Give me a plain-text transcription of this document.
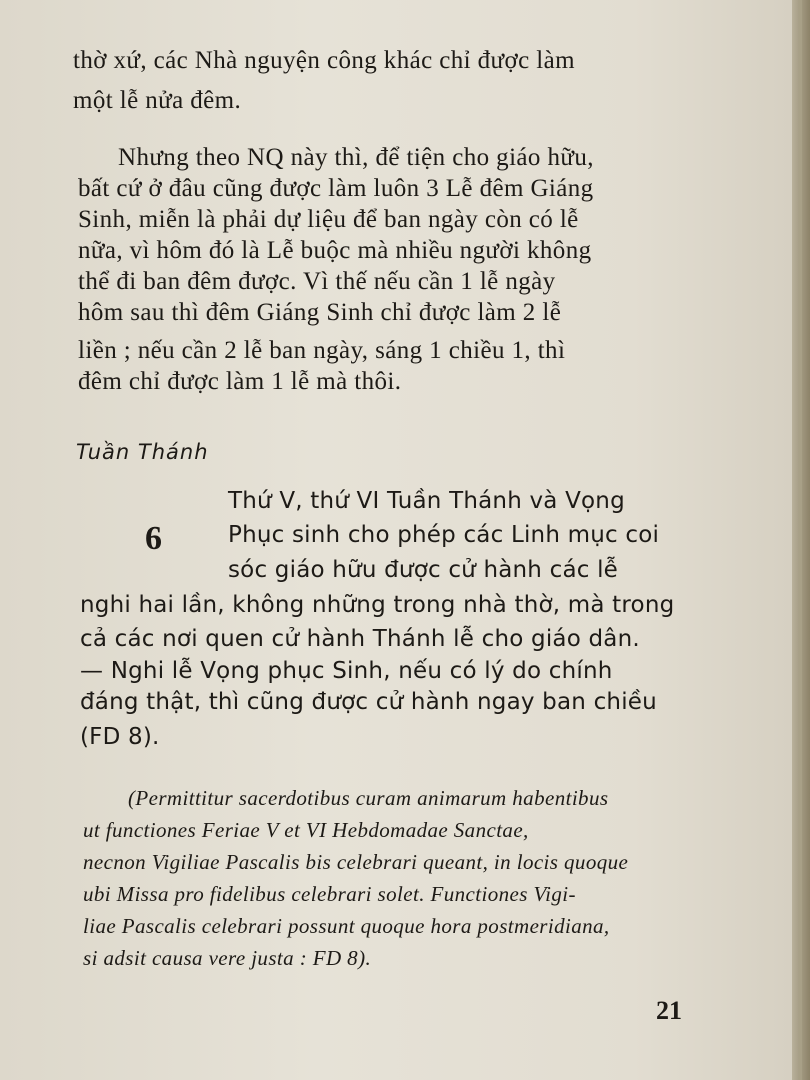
thờ xứ, các Nhà nguyện công khác chỉ được làm
một lễ nửa đêm.
Nhưng theo NQ này thì, để tiện cho giáo hữu,
bất cứ ở đâu cũng được làm luôn 3 Lễ đêm Giáng
Sinh, miễn là phải dự liệu để ban ngày còn có lễ
nữa, vì hôm đó là Lễ buộc mà nhiều người không
thể đi ban đêm được. Vì thế nếu cần 1 lễ ngày
hôm sau thì đêm Giáng Sinh chỉ được làm 2 lễ
liền ; nếu cần 2 lễ ban ngày, sáng 1 chiều 1, thì
đêm chỉ được làm 1 lễ mà thôi.
Tuần Thánh
6
Thứ V, thứ VI Tuần Thánh và Vọng
Phục sinh cho phép các Linh mục coi
sóc giáo hữu được cử hành các lễ
nghi hai lần, không những trong nhà thờ, mà trong
cả các nơi quen cử hành Thánh lễ cho giáo dân.
— Nghi lễ Vọng phục Sinh, nếu có lý do chính
đáng thật, thì cũng được cử hành ngay ban chiều
(FD 8).
(Permittitur sacerdotibus curam animarum habentibus
ut functiones Feriae V et VI Hebdomadae Sanctae,
necnon Vigiliae Pascalis bis celebrari queant, in locis quoque
ubi Missa pro fidelibus celebrari solet. Functiones Vigi-
liae Pascalis celebrari possunt quoque hora postmeridiana,
si adsit causa vere justa : FD 8).
21
